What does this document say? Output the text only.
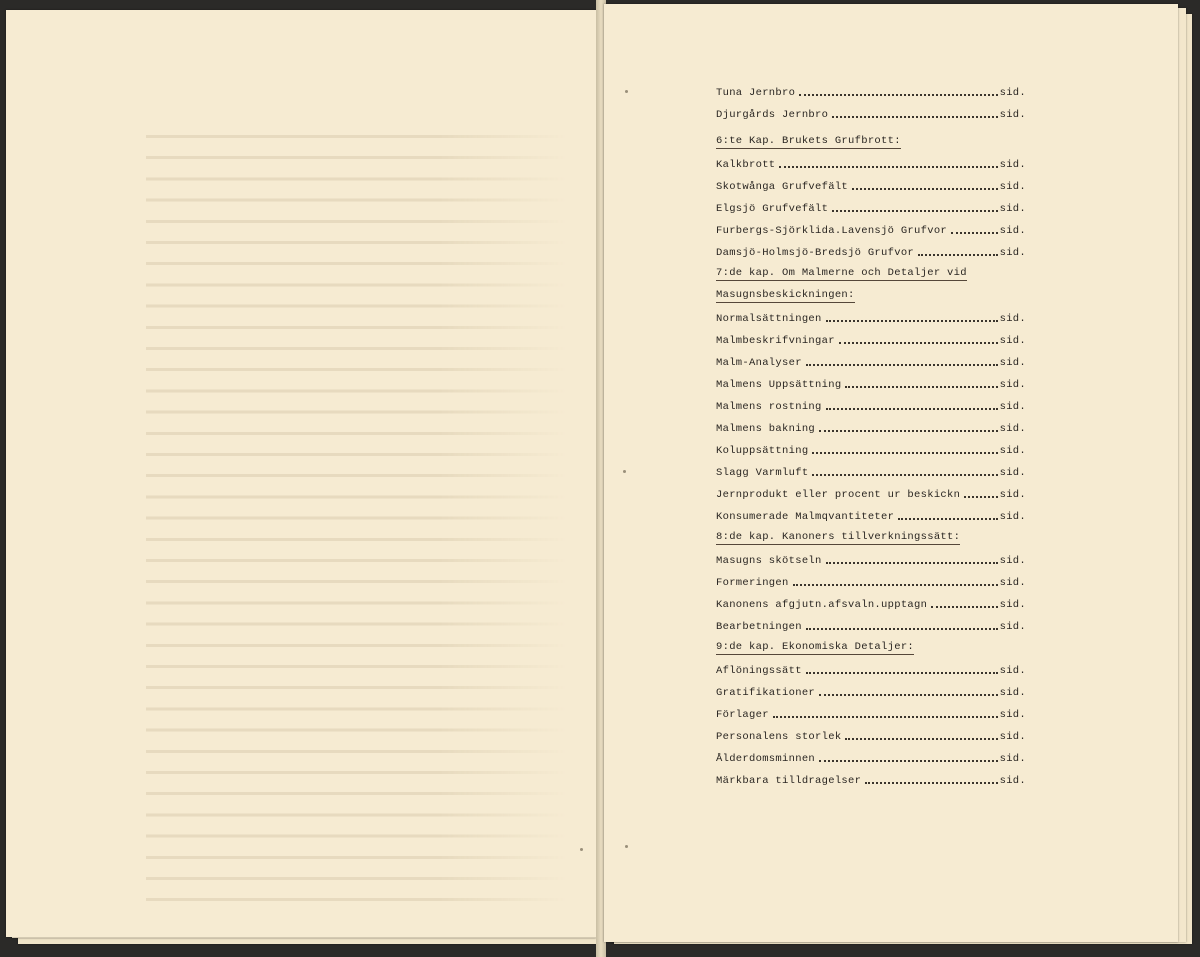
Tuna Jernbro	sid.
Djurgårds Jernbro	sid.
6:te Kap. Brukets Grufbrott:
Kalkbrott	sid.
Skotwånga Grufvefält	sid.
Elgsjö Grufvefält	sid.
Furbergs-Sjörklida.Lavensjö Grufvor	sid.
Damsjö-Holmsjö-Bredsjö Grufvor	sid.
7:de kap. Om Malmerne och Detaljer vid
Masugnsbeskickningen:
Normalsättningen	sid.
Malmbeskrifvningar	sid.
Malm-Analyser	sid.
Malmens Uppsättning	sid.
Malmens rostning	sid.
Malmens bakning	sid.
Koluppsättning	sid.
Slagg Varmluft	sid.
Jernprodukt eller procent ur beskickn	sid.
Konsumerade Malmqvantiteter	sid.
8:de kap. Kanoners tillverkningssätt:
Masugns skötseln	sid.
Formeringen	sid.
Kanonens afgjutn.afsvaln.upptagn	sid.
Bearbetningen	sid.
9:de kap. Ekonomiska Detaljer:
Aflöningssätt	sid.
Gratifikationer	sid.
Förlager	sid.
Personalens storlek	sid.
Ålderdomsminnen	sid.
Märkbara tilldragelser	sid.
